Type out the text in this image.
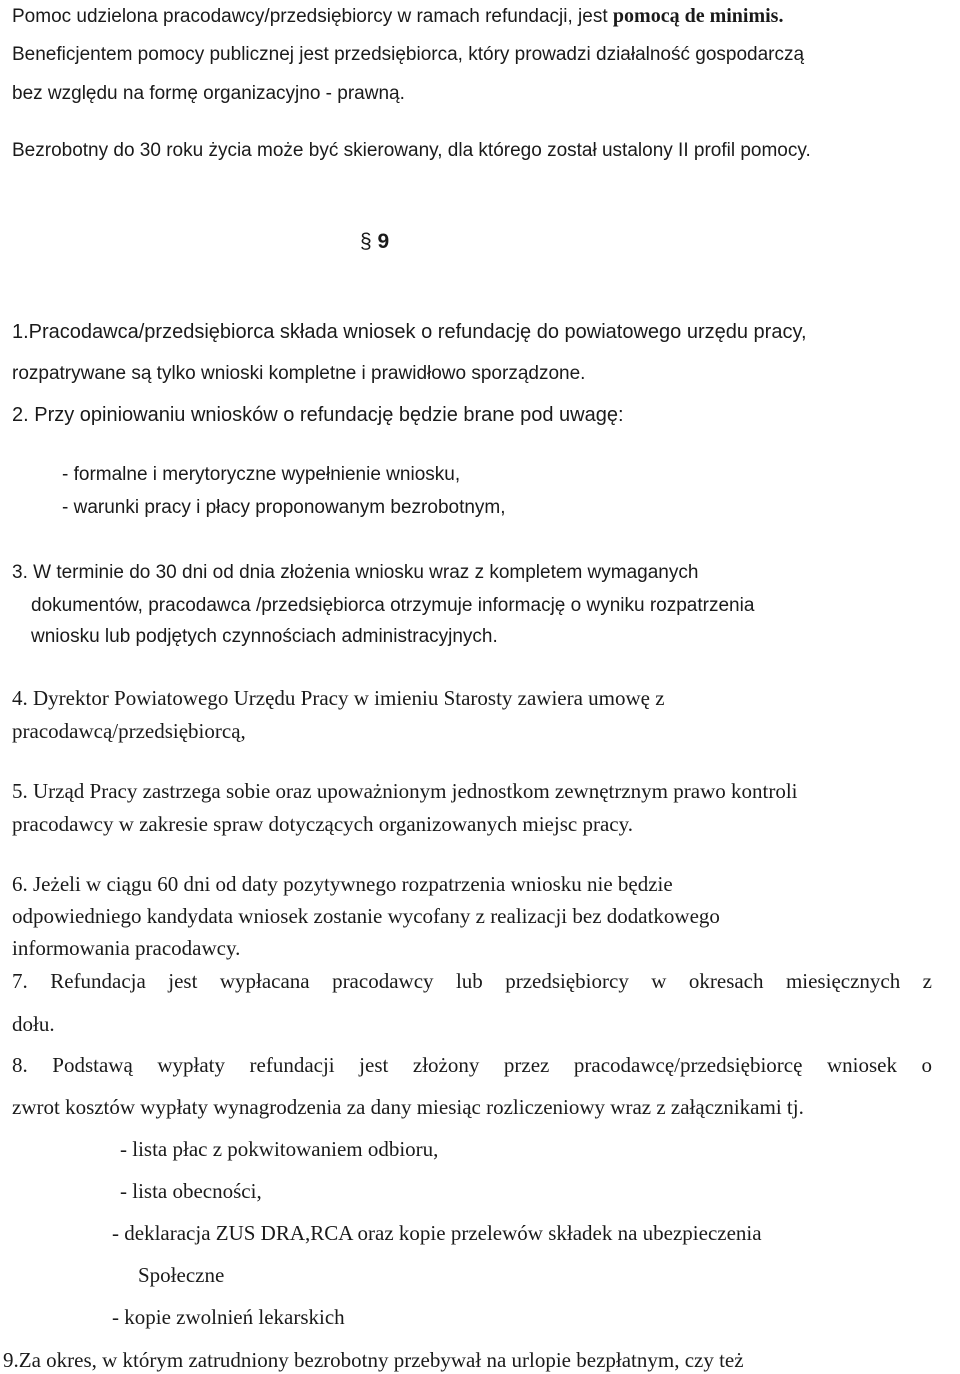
Pomoc udzielona pracodawcy/przedsiębiorcy w ramach refundacji, jest pomocą de minimis.
Beneficjentem pomocy publicznej jest przedsiębiorca, który prowadzi działalność gospodarczą
bez względu na formę organizacyjno - prawną.
Bezrobotny do 30 roku życia może być skierowany, dla którego został ustalony II profil pomocy.
§ 9
1.Pracodawca/przedsiębiorca składa wniosek o refundację do powiatowego urzędu pracy,
rozpatrywane są tylko wnioski kompletne i prawidłowo sporządzone.
2. Przy opiniowaniu wniosków o refundację będzie brane pod uwagę:
- formalne i merytoryczne wypełnienie wniosku,
- warunki pracy i płacy proponowanym bezrobotnym,
3. W terminie do 30 dni od dnia złożenia wniosku wraz z kompletem wymaganych
dokumentów, pracodawca /przedsiębiorca otrzymuje informację o wyniku rozpatrzenia
wniosku lub podjętych czynnościach administracyjnych.
4. Dyrektor Powiatowego Urzędu Pracy w imieniu Starosty zawiera umowę z
pracodawcą/przedsiębiorcą,
5. Urząd Pracy zastrzega sobie oraz upoważnionym jednostkom zewnętrznym prawo kontroli
pracodawcy w zakresie spraw dotyczących organizowanych miejsc pracy.
6. Jeżeli w ciągu 60 dni od daty pozytywnego rozpatrzenia wniosku nie będzie
odpowiedniego kandydata wniosek zostanie wycofany z realizacji bez dodatkowego
informowania pracodawcy.
7. Refundacja jest wypłacana pracodawcy lub przedsiębiorcy w okresach miesięcznych z
dołu.
8. Podstawą wypłaty refundacji jest złożony przez pracodawcę/przedsiębiorcę wniosek o
zwrot kosztów wypłaty wynagrodzenia za dany miesiąc rozliczeniowy wraz z załącznikami tj.
- lista płac z pokwitowaniem odbioru,
- lista obecności,
- deklaracja ZUS DRA,RCA oraz kopie przelewów składek na ubezpieczenia
Społeczne
- kopie zwolnień lekarskich
9.Za okres, w którym zatrudniony bezrobotny przebywał na urlopie bezpłatnym, czy też
